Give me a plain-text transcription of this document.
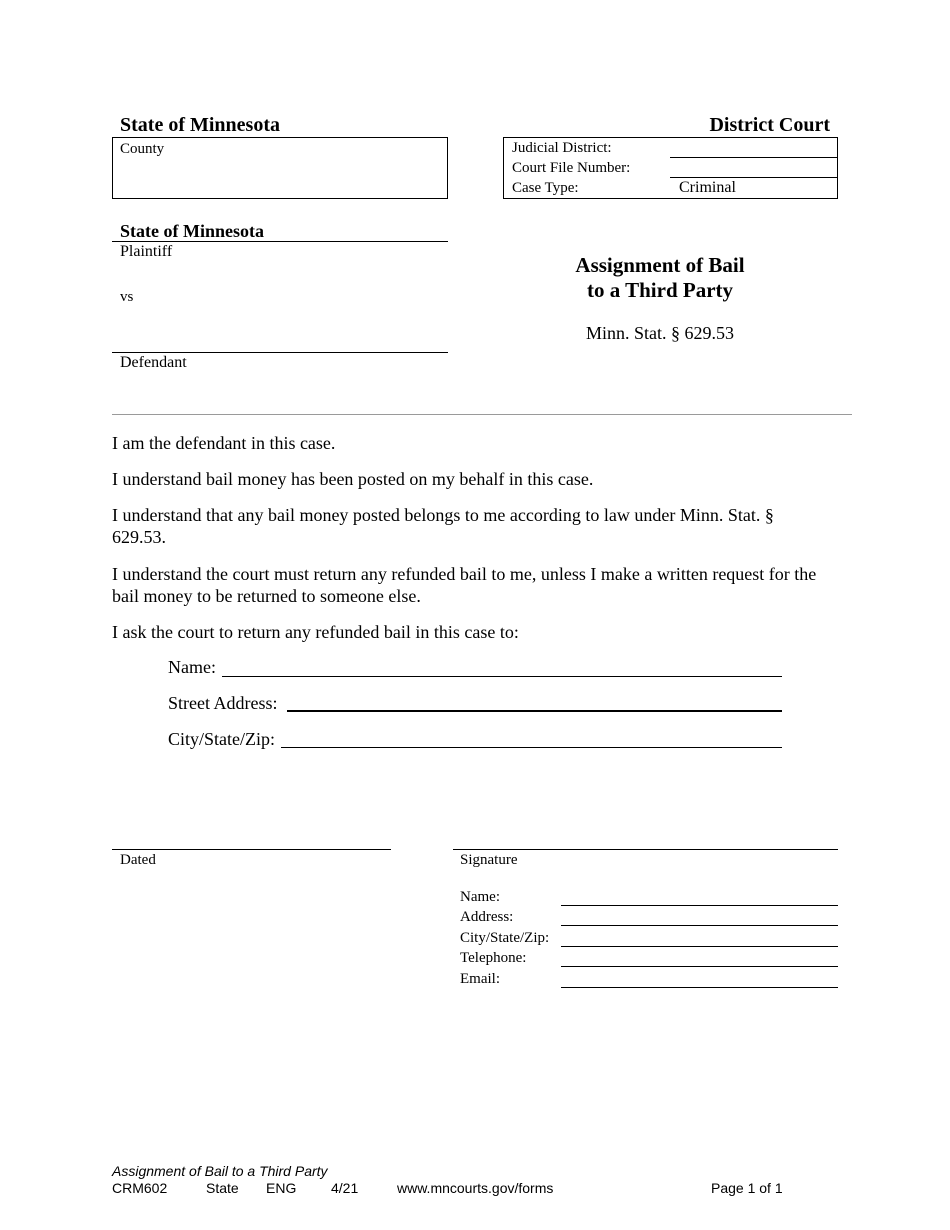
State of Minnesota	District Court
County	Judicial District:
Court File Number:
Case Type:	Criminal
State of Minnesota
Plaintiff
vs
Defendant
Assignment of Bail
to a Third Party
Minn. Stat. § 629.53
I am the defendant in this case.
I understand bail money has been posted on my behalf in this case.
I understand that any bail money posted belongs to me according to law under Minn. Stat. § 629.53.
I understand the court must return any refunded bail to me, unless I make a written request for the bail money to be returned to someone else.
I ask the court to return any refunded bail in this case to:
Name:
Street Address:
City/State/Zip:
Dated	Signature
Name:
Address:
City/State/Zip:
Telephone:
Email:
Assignment of Bail to a Third Party
CRM602	State ENG 4/21	www.mncourts.gov/forms	Page 1 of 1
